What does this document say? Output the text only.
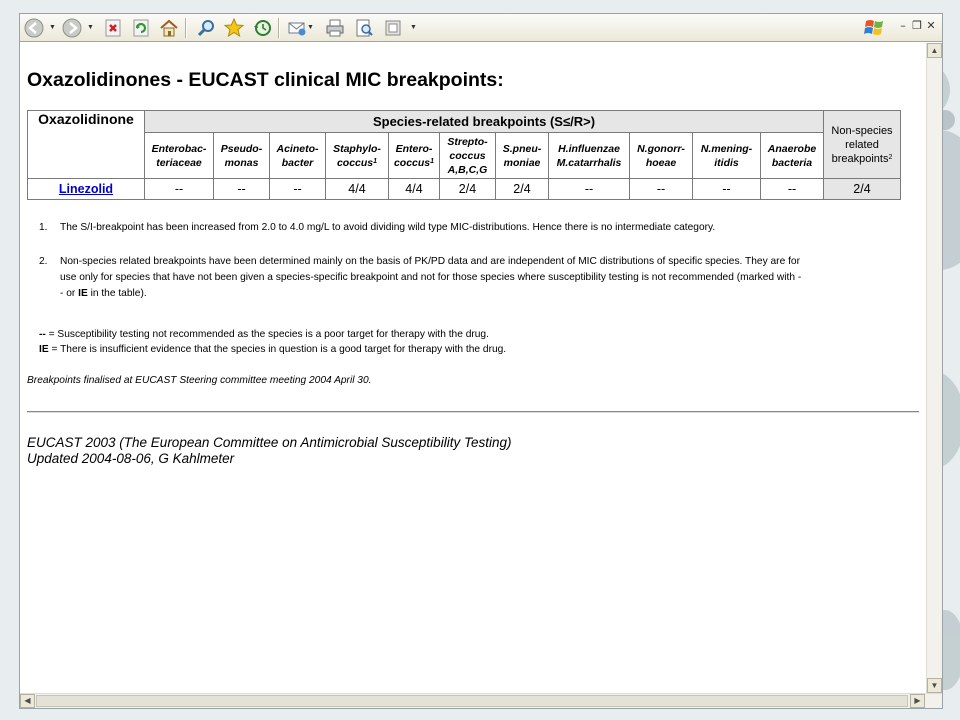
▼	▼	▼	▼	– ❐ ✕
Oxazolidinones - EUCAST clinical MIC breakpoints:
Oxazolidinone	Species-related breakpoints (S≤/R>)											Non-species
related
breakpoints$^2$
	Enterobac-
teriaceae	Pseudo-
monas	Acineto-
bacter	Staphylo-
coccus$^1$	Entero-
coccus$^1$	Strepto-
coccus
A,B,C,G	S.pneu-
moniae	H.influenzae
M.catarrhalis	N.gonorr-
hoeae	N.mening-
itidis	Anaerobe
bacteria	
Linezolid	--	--	--	4/4	4/4	2/4	2/4	--	--	--	--	2/4
1. The S/I-breakpoint has been increased from 2.0 to 4.0 mg/L to avoid dividing wild type MIC-distributions. Hence there is no intermediate category.
2. Non-species related breakpoints have been determined mainly on the basis of PK/PD data and are independent of MIC distributions of specific species. They are for
use only for species that have not been given a species-specific breakpoint and not for those species where susceptibility testing is not recommended (marked with -
- or IE in the table).
-- = Susceptibility testing not recommended as the species is a poor target for therapy with the drug.
IE = There is insufficient evidence that the species in question is a good target for therapy with the drug.
Breakpoints finalised at EUCAST Steering committee meeting 2004 April 30.
EUCAST 2003 (The European Committee on Antimicrobial Susceptibility Testing)
Updated 2004-08-06, G Kahlmeter
▲
▼
◀	▶
